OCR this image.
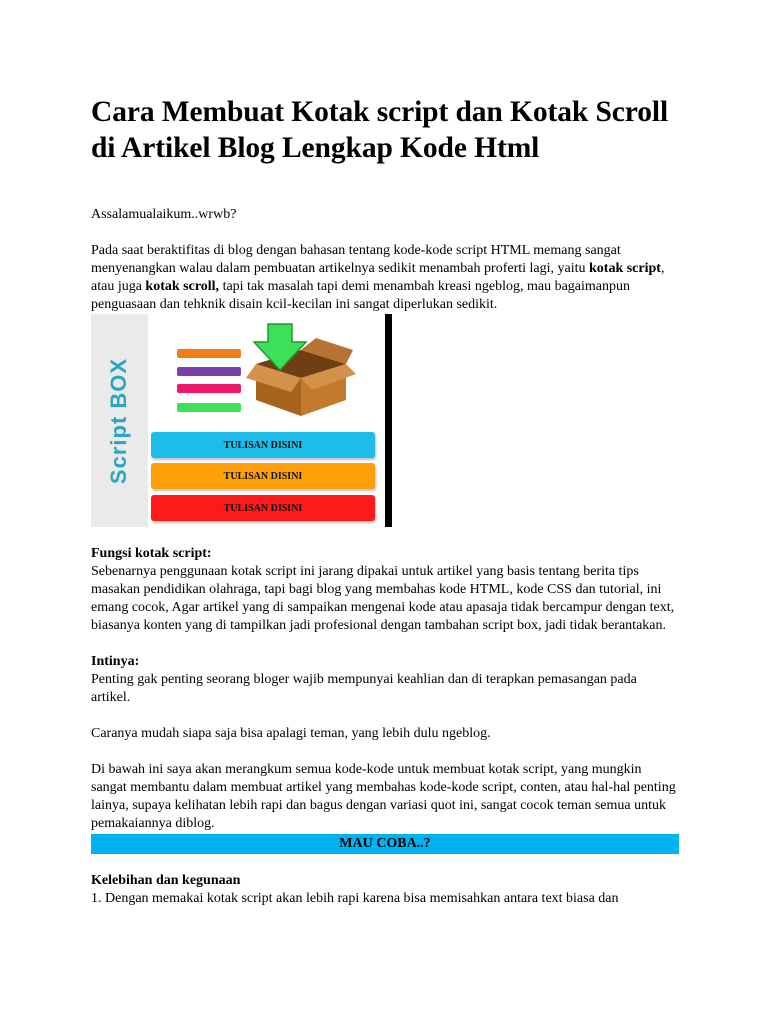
Cara Membuat Kotak script dan Kotak Scroll di Artikel Blog Lengkap Kode Html

Assalamualaikum..wrwb?

Pada saat beraktifitas di blog dengan bahasan tentang kode-kode script HTML memang sangat menyenangkan walau dalam pembuatan artikelnya sedikit menambah proferti lagi, yaitu kotak script, atau juga kotak scroll, tapi tak masalah tapi demi menambah kreasi ngeblog, mau bagaimanpun penguasaan dan tehknik disain kcil-kecilan ini sangat diperlukan sedikit.

Script BOX	TULISAN DISINI
TULISAN DISINI
TULISAN DISINI
Fungsi kotak script:

Sebenarnya penggunaan kotak script ini jarang dipakai untuk artikel yang basis tentang berita tips masakan pendidikan olahraga, tapi bagi blog yang membahas kode HTML, kode CSS dan tutorial, ini emang cocok, Agar artikel yang di sampaikan mengenai kode atau apasaja tidak bercampur dengan text, biasanya konten yang di tampilkan jadi profesional dengan tambahan script box, jadi tidak berantakan.

Intinya:

Penting gak penting seorang bloger wajib mempunyai keahlian dan di terapkan pemasangan pada artikel.

Caranya mudah siapa saja bisa apalagi teman, yang lebih dulu ngeblog.

Di bawah ini saya akan merangkum semua kode-kode untuk membuat kotak script, yang mungkin sangat membantu dalam membuat artikel yang membahas kode-kode script, conten, atau hal-hal penting lainya, supaya kelihatan lebih rapi dan bagus dengan variasi quot ini, sangat cocok teman semua untuk pemakaiannya diblog.

MAU COBA..?
Kelebihan dan kegunaan

1. Dengan memakai kotak script akan lebih rapi karena bisa memisahkan antara text biasa dan
